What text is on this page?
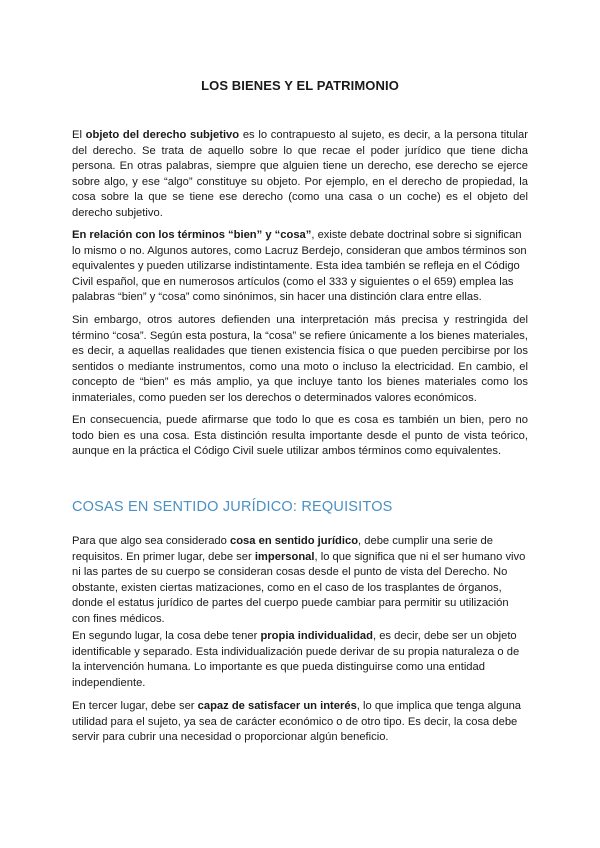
LOS BIENES Y EL PATRIMONIO

El objeto del derecho subjetivo es lo contrapuesto al sujeto, es decir, a la persona titular del derecho. Se trata de aquello sobre lo que recae el poder jurídico que tiene dicha persona. En otras palabras, siempre que alguien tiene un derecho, ese derecho se ejerce sobre algo, y ese “algo” constituye su objeto. Por ejemplo, en el derecho de propiedad, la cosa sobre la que se tiene ese derecho (como una casa o un coche) es el objeto del derecho subjetivo.

En relación con los términos “bien” y “cosa”, existe debate doctrinal sobre si significan lo mismo o no. Algunos autores, como Lacruz Berdejo, consideran que ambos términos son equivalentes y pueden utilizarse indistintamente. Esta idea también se refleja en el Código Civil español, que en numerosos artículos (como el 333 y siguientes o el 659) emplea las palabras “bien” y “cosa” como sinónimos, sin hacer una distinción clara entre ellas.

Sin embargo, otros autores defienden una interpretación más precisa y restringida del término “cosa”. Según esta postura, la “cosa” se refiere únicamente a los bienes materiales, es decir, a aquellas realidades que tienen existencia física o que pueden percibirse por los sentidos o mediante instrumentos, como una moto o incluso la electricidad. En cambio, el concepto de “bien” es más amplio, ya que incluye tanto los bienes materiales como los inmateriales, como pueden ser los derechos o determinados valores económicos.

En consecuencia, puede afirmarse que todo lo que es cosa es también un bien, pero no todo bien es una cosa. Esta distinción resulta importante desde el punto de vista teórico, aunque en la práctica el Código Civil suele utilizar ambos términos como equivalentes.

COSAS EN SENTIDO JURÍDICO: REQUISITOS

Para que algo sea considerado cosa en sentido jurídico, debe cumplir una serie de requisitos. En primer lugar, debe ser impersonal, lo que significa que ni el ser humano vivo ni las partes de su cuerpo se consideran cosas desde el punto de vista del Derecho. No obstante, existen ciertas matizaciones, como en el caso de los trasplantes de órganos, donde el estatus jurídico de partes del cuerpo puede cambiar para permitir su utilización con fines médicos.

En segundo lugar, la cosa debe tener propia individualidad, es decir, debe ser un objeto identificable y separado. Esta individualización puede derivar de su propia naturaleza o de la intervención humana. Lo importante es que pueda distinguirse como una entidad independiente.

En tercer lugar, debe ser capaz de satisfacer un interés, lo que implica que tenga alguna utilidad para el sujeto, ya sea de carácter económico o de otro tipo. Es decir, la cosa debe servir para cubrir una necesidad o proporcionar algún beneficio.
